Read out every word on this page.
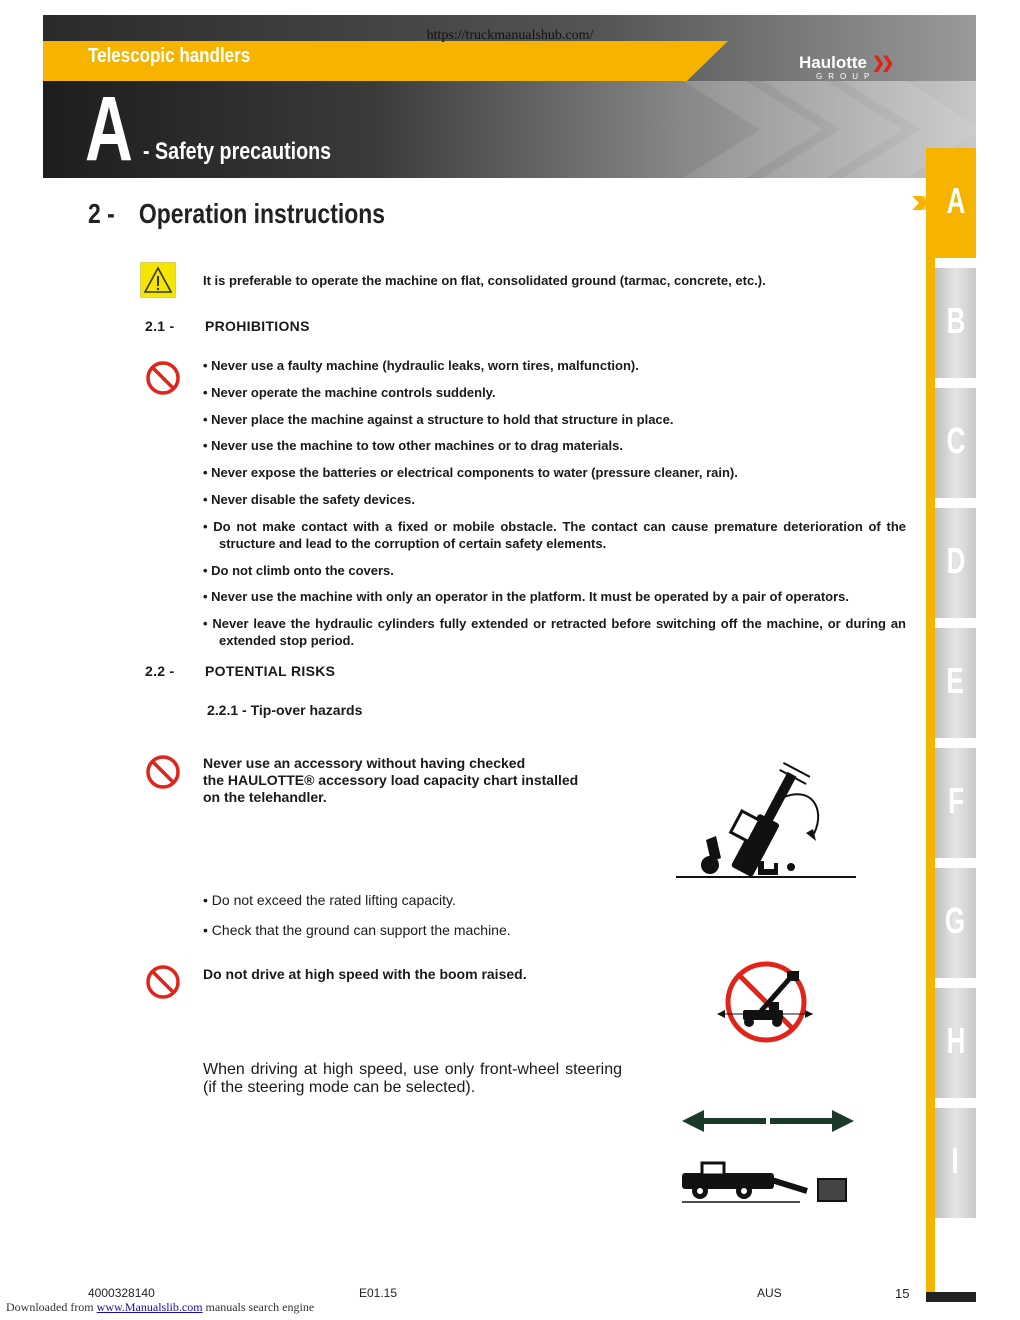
https://truckmanualshub.com/
Telescopic handlers	Haulotte ❯❯
GROUP
A - Safety precautions
2 - Operation instructions	A
B
C
D
E
F
G
H
I
It is preferable to operate the machine on flat, consolidated ground (tarmac, concrete, etc.).
2.1 - PROHIBITIONS
• Never use a faulty machine (hydraulic leaks, worn tires, malfunction).
• Never operate the machine controls suddenly.
• Never place the machine against a structure to hold that structure in place.
• Never use the machine to tow other machines or to drag materials.
• Never expose the batteries or electrical components to water (pressure cleaner, rain).
• Never disable the safety devices.
• Do not make contact with a fixed or mobile obstacle. The contact can cause premature deterioration of the structure and lead to the corruption of certain safety elements.
• Do not climb onto the covers.
• Never use the machine with only an operator in the platform. It must be operated by a pair of operators.
• Never leave the hydraulic cylinders fully extended or retracted before switching off the machine, or during an extended stop period.
2.2 - POTENTIAL RISKS
2.2.1 - Tip-over hazards
Never use an accessory without having checked
the HAULOTTE® accessory load capacity chart installed
on the telehandler.
• Do not exceed the rated lifting capacity.
• Check that the ground can support the machine.
Do not drive at high speed with the boom raised.
When driving at high speed, use only front-wheel steering (if the steering mode can be selected).
4000328140	E01.15	AUS	15
Downloaded from www.Manualslib.com manuals search engine
